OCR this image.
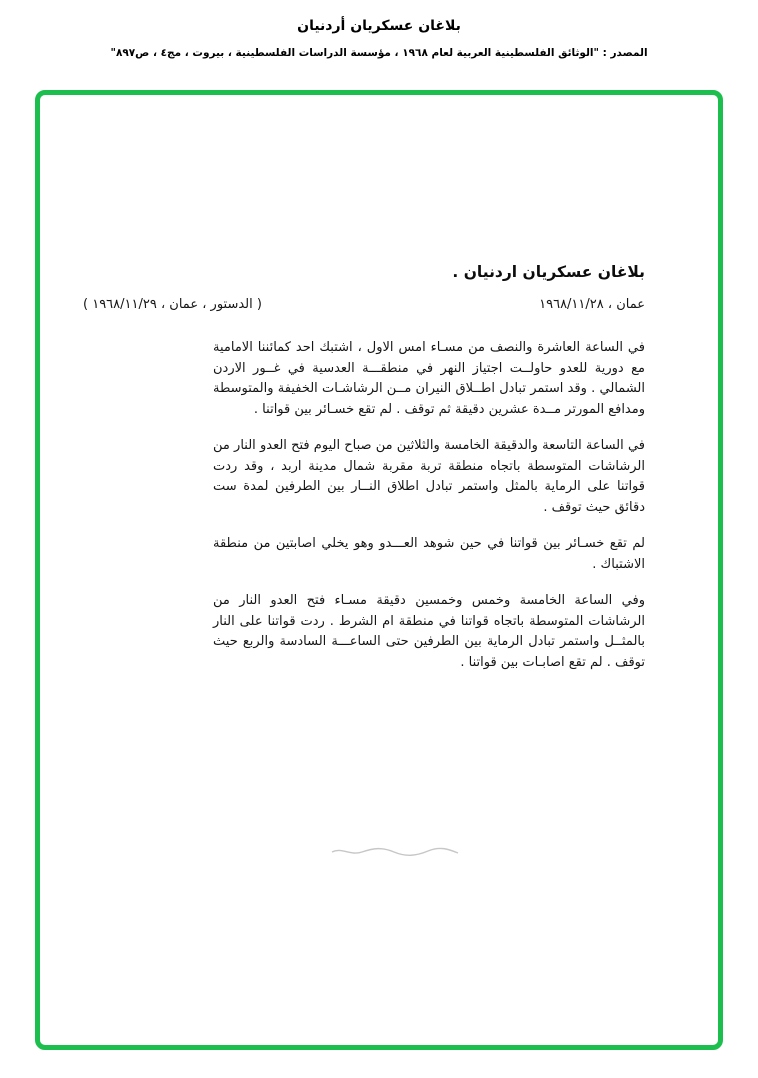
بلاغان عسكريان أردنيان
المصدر : "الوثائق الفلسطينية العربية لعام ١٩٦٨ ، مؤسسة الدراسات الفلسطينية ، بيروت ، مج٤ ، ص٨٩٧"
بلاغان عسكريان اردنيان .
عمان ، ١٩٦٨/١١/٢٨
( الدستور ، عمان ، ١٩٦٨/١١/٢٩ )

في الساعة العاشرة والنصف من مسـاء امس الاول ، اشتبك احد كمائننا الامامية مع دورية للعدو حاولــت اجتياز النهر في منطقـــة العدسية في غــور الاردن الشمالي . وقد استمر تبادل اطــلاق النيران مــن الرشاشـات الخفيفة والمتوسطة ومدافع المورتر مــدة عشرين دقيقة ثم توقف . لم تقع خسـائر بين قواتنا .

في الساعة التاسعة والدقيقة الخامسة والثلاثين من صباح اليوم فتح العدو النار من الرشاشات المتوسطة باتجاه منطقة تربة مقربة شمال مدينة اربد ، وقد ردت قواتنا على الرماية بالمثل واستمر تبادل اطلاق النــار بين الطرفين لمدة ست دقائق حيث توقف .

لم تقع خسـائر بين قواتنا في حين شوهد العـــدو وهو يخلي اصابتين من منطقة الاشتباك .

وفي الساعة الخامسة وخمس وخمسين دقيقة مسـاء فتح العدو النار من الرشاشات المتوسطة باتجاه قواتنا في منطقة ام الشرط . ردت قواتنا على النار بالمثــل واستمر تبادل الرماية بين الطرفين حتى الساعـــة السادسة والربع حيث توقف . لم تقع اصابـات بين قواتنا .
